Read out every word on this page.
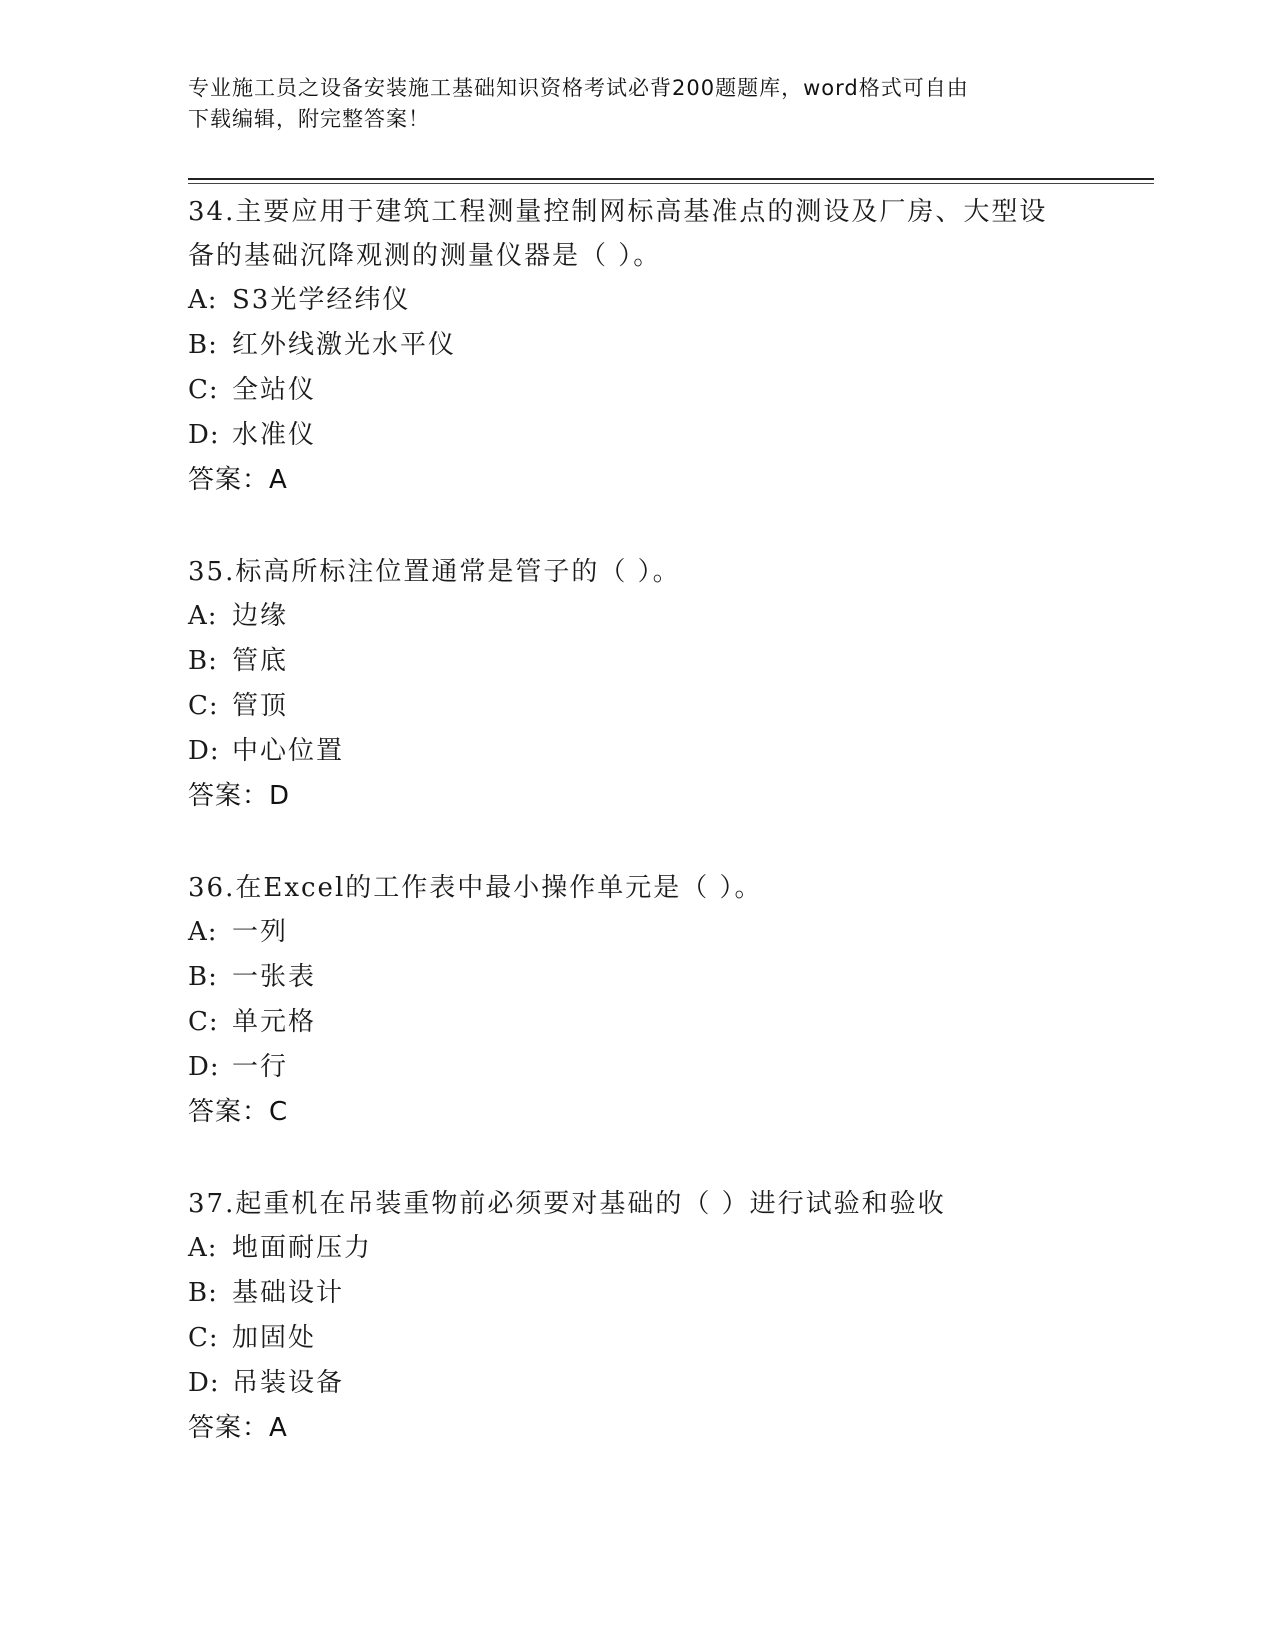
专业施工员之设备安装施工基础知识资格考试必背200题题库，word格式可自由
下载编辑，附完整答案！

34.主要应用于建筑工程测量控制网标高基准点的测设及厂房、大型设

备的基础沉降观测的测量仪器是（ ）。

A: S3光学经纬仪

B: 红外线激光水平仪

C: 全站仪

D: 水准仪

答案：A

35.标高所标注位置通常是管子的（ ）。

A: 边缘

B: 管底

C: 管顶

D: 中心位置

答案：D

36.在Excel的工作表中最小操作单元是（ ）。

A: 一列

B: 一张表

C: 单元格

D: 一行

答案：C

37.起重机在吊装重物前必须要对基础的（ ）进行试验和验收

A: 地面耐压力

B: 基础设计

C: 加固处

D: 吊装设备

答案：A
